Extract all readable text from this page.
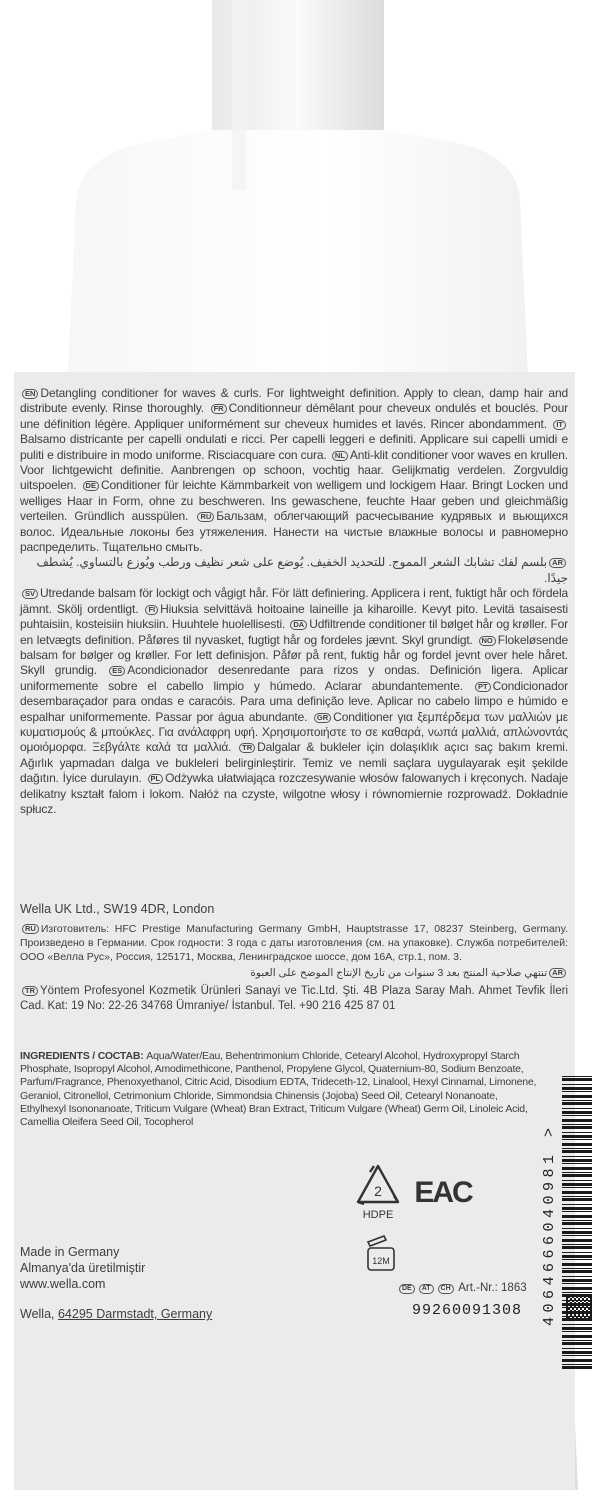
EN Detangling conditioner for waves & curls. For lightweight definition. Apply to clean, damp hair and distribute evenly. Rinse thoroughly. FR Conditionneur démêlant pour cheveux ondulés et bouclés. Pour une définition légère. Appliquer uniformément sur cheveux humides et lavés. Rincer abondamment. ITBalsamo districante per capelli ondulati e ricci. Per capelli leggeri e definiti. Applicare sui capelli umidi e puliti e distribuire in modo uniforme. Risciacquare con cura. NL Anti-klit conditioner voor waves en krullen. Voor lichtgewicht definitie. Aanbrengen op schoon, vochtig haar. Gelijkmatig verdelen. Zorgvuldig uitspoelen. DE Conditioner für leichte Kämmbarkeit von welligem und lockigem Haar. Bringt Locken und welliges Haar in Form, ohne zu beschweren. Ins gewaschene, feuchte Haar geben und gleichmäßig verteilen. Gründlich ausspülen. RU Бальзам, облегчающий расчесывание кудрявых и вьющихся волос. Идеальные локоны без утяжеления. Нанести на чистые влажные волосы и равномерно распределить. Тщательно смыть.

ARبلسم لفك تشابك الشعر المموج. للتحديد الخفيف. يُوضع على شعر نظيف ورطب ويُوزع بالتساوي. يُشطف جيدًا.

SV Utredande balsam för lockigt och vågigt hår. För lätt definiering. Applicera i rent, fuktigt hår och fördela jämnt. Skölj ordentligt. FI Hiuksia selvittävä hoitoaine laineille ja kiharoille. Kevyt pito. Levitä tasaisesti puhtaisiin, kosteisiin hiuksiin. Huuhtele huolellisesti. DA Udfiltrende conditioner til bølget hår og krøller. For en letvægts definition. Påføres til nyvasket, fugtigt hår og fordeles jævnt. Skyl grundigt. NO Flokeløsende balsam for bølger og krøller. For lett definisjon. Påfør på rent, fuktig hår og fordel jevnt over hele håret. Skyll grundig. ES Acondicionador desenredante para rizos y ondas. Definición ligera. Aplicar uniformemente sobre el cabello limpio y húmedo. Aclarar abundantemente. PT Condicionador desembaraçador para ondas e caracóis. Para uma definição leve. Aplicar no cabelo limpo e húmido e espalhar uniformemente. Passar por água abundante. GR Conditioner για ξεμπέρδεμα των μαλλιών με κυματισμούς & μπούκλες. Για ανάλαφρη υφή. Χρησιμοποιήστε το σε καθαρά, νωπά μαλλιά, απλώνοντάς ομοιόμορφα. Ξεβγάλτε καλά τα μαλλιά. TR Dalgalar & bukleler için dolaşıklık açıcı saç bakım kremi. Ağırlık yapmadan dalga ve bukleleri belirginleştirir. Temiz ve nemli saçlara uygulayarak eşit şekilde dağıtın. İyice durulayın. PL Odżywka ułatwiająca rozczesywanie włosów falowanych i kręconych. Nadaje delikatny kształt falom i lokom. Nałóż na czyste, wilgotne włosy i równomiernie rozprowadź. Dokładnie spłucz.

Wella UK Ltd., SW19 4DR, London
RU Изготовитель: HFC Prestige Manufacturing Germany GmbH, Hauptstrasse 17, 08237 Steinberg, Germany. Произведено в Германии. Срок годности: 3 года с даты изготовления (см. на упаковке). Служба потребителей: ООО «Велла Рус», Россия, 125171, Москва, Ленинградское шоссе, дом 16А, стр.1, пом. 3.
ARتنتهي صلاحية المنتج بعد 3 سنوات من تاريخ الإنتاج الموضح على العبوة
TR Yöntem Profesyonel Kozmetik Ürünleri Sanayi ve Tic.Ltd. Şti. 4B Plaza Saray Mah. Ahmet Tevfik İleri Cad. Kat: 19 No: 22-26 34768 Ümraniye/ İstanbul. Tel. +90 216 425 87 01
INGREDIENTS / СОСТАВ: Aqua/Water/Eau, Behentrimonium Chloride, Cetearyl Alcohol, Hydroxypropyl Starch Phosphate, Isopropyl Alcohol, Amodimethicone, Panthenol, Propylene Glycol, Quaternium-80, Sodium Benzoate, Parfum/Fragrance, Phenoxyethanol, Citric Acid, Disodium EDTA, Trideceth-12, Linalool, Hexyl Cinnamal, Limonene, Geraniol, Citronellol, Cetrimonium Chloride, Simmondsia Chinensis (Jojoba) Seed Oil, Cetearyl Nonanoate, Ethylhexyl Isononanoate, Triticum Vulgare (Wheat) Bran Extract, Triticum Vulgare (Wheat) Germ Oil, Linoleic Acid, Camellia Oleifera Seed Oil, Tocopherol
2
HDPE
EAC
12M	4064666040981 >
Made in Germany
Almanya'da üretilmiştir
www.wella.com
Wella, 64295 Darmstadt, Germany
DE AT CH Art.-Nr.: 1863
99260091308
